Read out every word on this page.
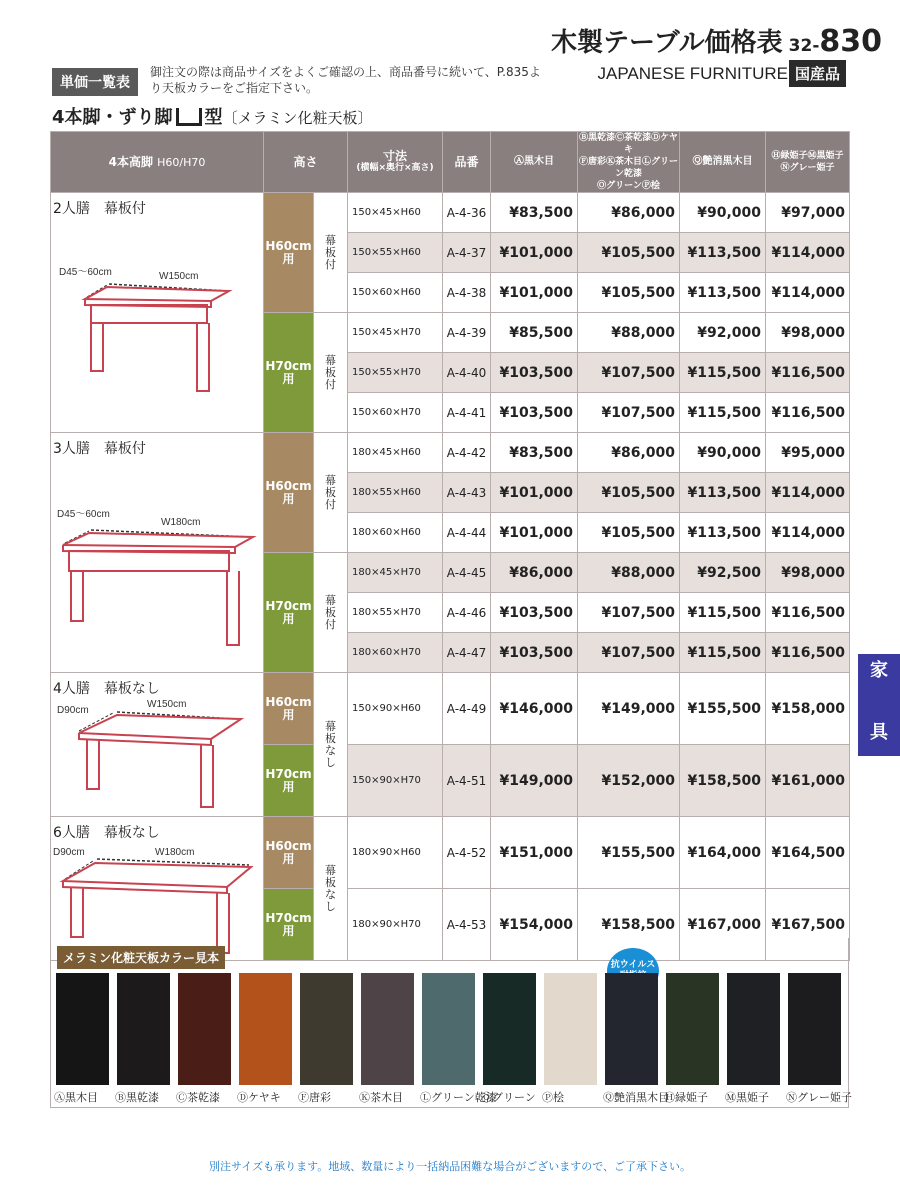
木製テーブル価格表 32-830
JAPANESE FURNITURE 国産品
単価一覧表
御注文の際は商品サイズをよくご確認の上、商品番号に続いて、P.835より天板カラーをご指定下さい。
4本脚・ずり脚 型〔メラミン化粧天板〕
4本高脚 H60/H70	高さ		寸法
(横幅×奥行×高さ)	品番	Ⓐ黒木目	Ⓑ黒乾漆Ⓒ茶乾漆Ⓓケヤキ
Ⓕ唐彩Ⓚ茶木目Ⓛグリーン乾漆
ⓄグリーンⓅ桧	Ⓠ艶消黒木目	Ⓗ緑姫子Ⓜ黒姫子
Ⓝグレー姫子

2人膳　幕板付
D45～60cm W150cm	H60cm
用	幕板付	150×45×H60	A-4-36	¥83,500	¥86,000	¥90,000	¥97,000
			150×55×H60	A-4-37	¥101,000	¥105,500	¥113,500	¥114,000
			150×60×H60	A-4-38	¥101,000	¥105,500	¥113,500	¥114,000
	H70cm
用	幕板付	150×45×H70	A-4-39	¥85,500	¥88,000	¥92,000	¥98,000
			150×55×H70	A-4-40	¥103,500	¥107,500	¥115,500	¥116,500
			150×60×H70	A-4-41	¥103,500	¥107,500	¥115,500	¥116,500

3人膳　幕板付
D45～60cm
W180cm	H60cm
用	幕板付	180×45×H60	A-4-42	¥83,500	¥86,000	¥90,000	¥95,000
			180×55×H60	A-4-43	¥101,000	¥105,500	¥113,500	¥114,000
			180×60×H60	A-4-44	¥101,000	¥105,500	¥113,500	¥114,000
	H70cm
用	幕板付	180×45×H70	A-4-45	¥86,000	¥88,000	¥92,500	¥98,000
			180×55×H70	A-4-46	¥103,500	¥107,500	¥115,500	¥116,500
			180×60×H70	A-4-47	¥103,500	¥107,500	¥115,500	¥116,500

4人膳　幕板なし
D90cm
W150cm	H60cm
用	幕板なし	150×90×H60	A-4-49	¥146,000	¥149,000	¥155,500	¥158,000
	H70cm
用		150×90×H70	A-4-51	¥149,000	¥152,000	¥158,500	¥161,000

6人膳　幕板なし
D90cm W180cm	H60cm
用	幕板なし	180×90×H60	A-4-52	¥151,000	¥155,500	¥164,000	¥164,500
	H70cm
用		180×90×H70	A-4-53	¥154,000	¥158,500	¥167,000	¥167,500
メラミン化粧天板カラー見本	抗ウイルス

Ⓐ黒木目	Ⓑ黒乾漆	Ⓒ茶乾漆	Ⓓケヤキ	Ⓕ唐彩	Ⓚ茶木目	Ⓛグリーン乾漆
Ⓞグリーン Ⓟ桧	Ⓠ艶消黒木目
Ⓗ緑姫子	Ⓜ黒姫子	Ⓝグレー姫子
家
具
別注サイズも承ります。地域、数量により一括納品困難な場合がございますので、ご了承下さい。
